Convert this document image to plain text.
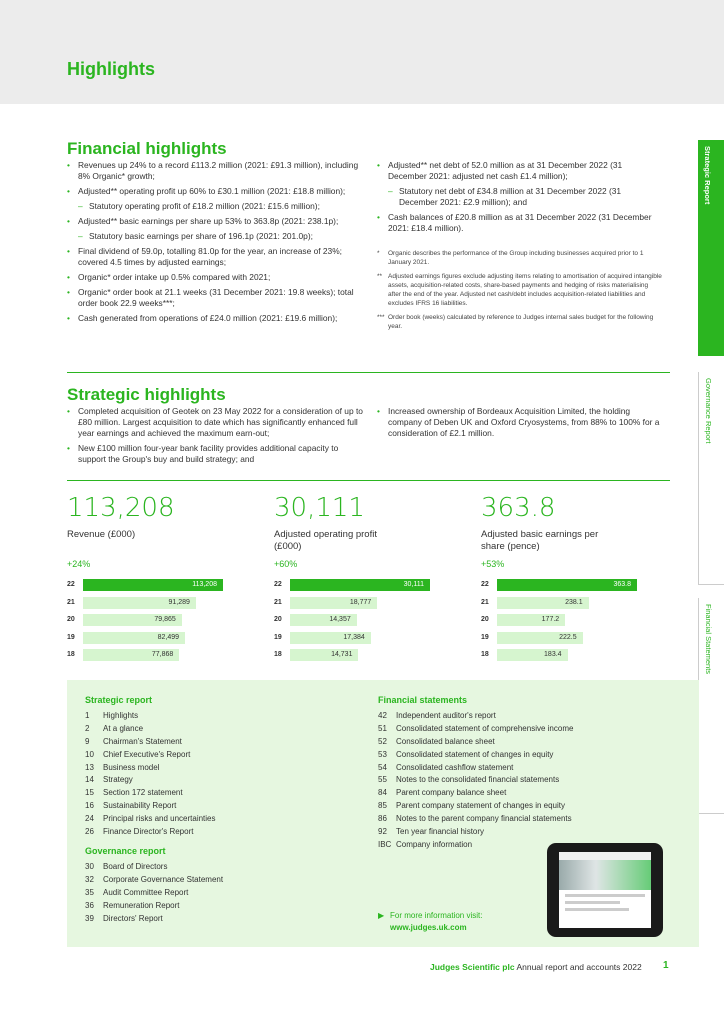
Highlights
Strategic Report
Governance Report
Financial Statements
Financial highlights
• Revenues up 24% to a record £113.2 million (2021: £91.3 million), including 8% Organic* growth;
• Adjusted** operating profit up 60% to £30.1 million (2021: £18.8 million);
– Statutory operating profit of £18.2 million (2021: £15.6 million);
• Adjusted** basic earnings per share up 53% to 363.8p (2021: 238.1p);
– Statutory basic earnings per share of 196.1p (2021: 201.0p);
• Final dividend of 59.0p, totalling 81.0p for the year, an increase of 23%; covered 4.5 times by adjusted earnings;
• Organic* order intake up 0.5% compared with 2021;
• Organic* order book at 21.1 weeks (31 December 2021: 19.8 weeks); total order book 22.9 weeks***;
• Cash generated from operations of £24.0 million (2021: £19.6 million);
• Adjusted** net debt of 52.0 million as at 31 December 2022 (31 December 2021: adjusted net cash £1.4 million);
– Statutory net debt of £34.8 million at 31 December 2022 (31 December 2021: £2.9 million); and
• Cash balances of £20.8 million as at 31 December 2022 (31 December 2021: £18.4 million).
* Organic describes the performance of the Group including businesses acquired prior to 1 January 2021.
** Adjusted earnings figures exclude adjusting items relating to amortisation of acquired intangible assets, acquisition-related costs, share-based payments and hedging of risks materialising after the end of the year. Adjusted net cash/debt includes acquisition-related liabilities and excludes IFRS 16 liabilities.
*** Order book (weeks) calculated by reference to Judges internal sales budget for the following year.
Strategic highlights
• Completed acquisition of Geotek on 23 May 2022 for a consideration of up to £80 million. Largest acquisition to date which has significantly enhanced full year earnings and achieved the maximum earn-out;
• New £100 million four-year bank facility provides additional capacity to support the Group's buy and build strategy; and
• Increased ownership of Bordeaux Acquisition Limited, the holding company of Deben UK and Oxford Cryosystems, from 88% to 100% for a consideration of £2.1 million.
113,208
Revenue (£000)
+24%
22	113,208
21	91,289
20	79,865
19	82,499
18	77,868
30,111
Adjusted operating profit (£000)
+60%
22	30,111
21	18,777
20	14,357
19	17,384
18	14,731
363.8
Adjusted basic earnings per share (pence)
+53%
22	363.8
21	238.1
20	177.2
19	222.5
18	183.4
Strategic report
1	Highlights
2	At a glance
9	Chairman's Statement
10	Chief Executive's Report
13	Business model
14	Strategy
15	Section 172 statement
16	Sustainability Report
24	Principal risks and uncertainties
26	Finance Director's Report
Governance report
30	Board of Directors
32	Corporate Governance Statement
35	Audit Committee Report
36	Remuneration Report
39	Directors' Report
Financial statements
42	Independent auditor's report
51	Consolidated statement of comprehensive income
52	Consolidated balance sheet
53	Consolidated statement of changes in equity
54	Consolidated cashflow statement
55	Notes to the consolidated financial statements
84	Parent company balance sheet
85	Parent company statement of changes in equity
86	Notes to the parent company financial statements
92	Ten year financial history
IBC Company information
▶ For more information visit:
www.judges.uk.com
Judges Scientific plc Annual report and accounts 2022 1
